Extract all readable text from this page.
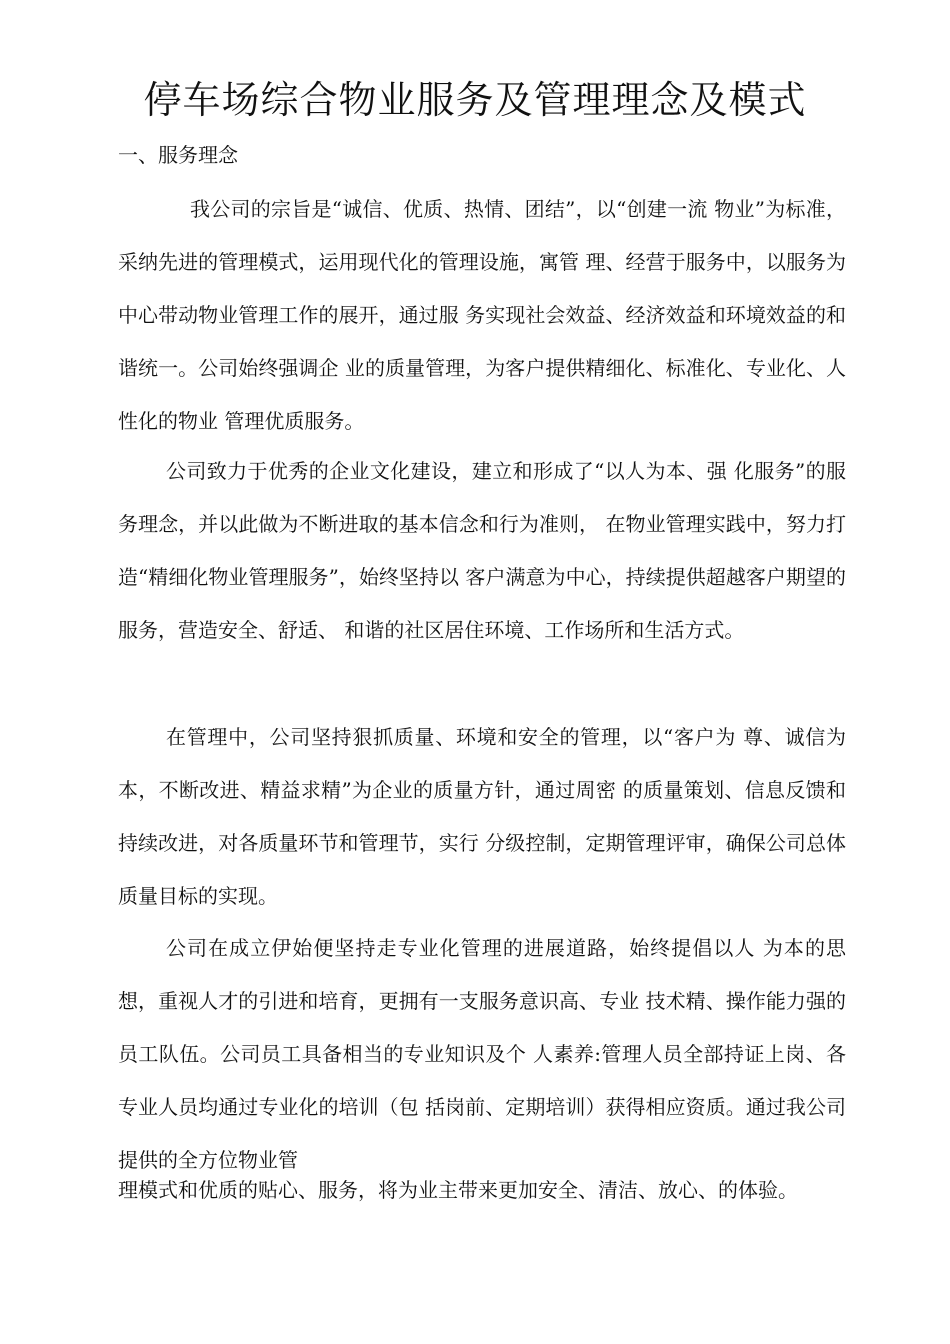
停车场综合物业服务及管理理念及模式
一、服务理念

我公司的宗旨是“诚信、优质、热情、团结”，以“创建一流 物业”为标准，采纳先进的管理模式，运用现代化的管理设施，寓管 理、经营于服务中，以服务为中心带动物业管理工作的展开，通过服 务实现社会效益、经济效益和环境效益的和谐统一。公司始终强调企 业的质量管理，为客户提供精细化、标准化、专业化、人性化的物业 管理优质服务。

公司致力于优秀的企业文化建设，建立和形成了“以人为本、强 化服务”的服务理念，并以此做为不断进取的基本信念和行为准则， 在物业管理实践中，努力打造“精细化物业管理服务”，始终坚持以 客户满意为中心，持续提供超越客户期望的服务，营造安全、舒适、 和谐的社区居住环境、工作场所和生活方式。

在管理中，公司坚持狠抓质量、环境和安全的管理，以“客户为 尊、诚信为本，不断改进、精益求精”为企业的质量方针，通过周密 的质量策划、信息反馈和持续改进，对各质量环节和管理节，实行 分级控制，定期管理评审，确保公司总体质量目标的实现。

公司在成立伊始便坚持走专业化管理的进展道路，始终提倡以人 为本的思想，重视人才的引进和培育，更拥有一支服务意识高、专业 技术精、操作能力强的员工队伍。公司员工具备相当的专业知识及个 人素养:管理人员全部持证上岗、各专业人员均通过专业化的培训（包 括岗前、定期培训）获得相应资质。通过我公司提供的全方位物业管

理模式和优质的贴心、服务，将为业主带来更加安全、清洁、放心、的体验。
